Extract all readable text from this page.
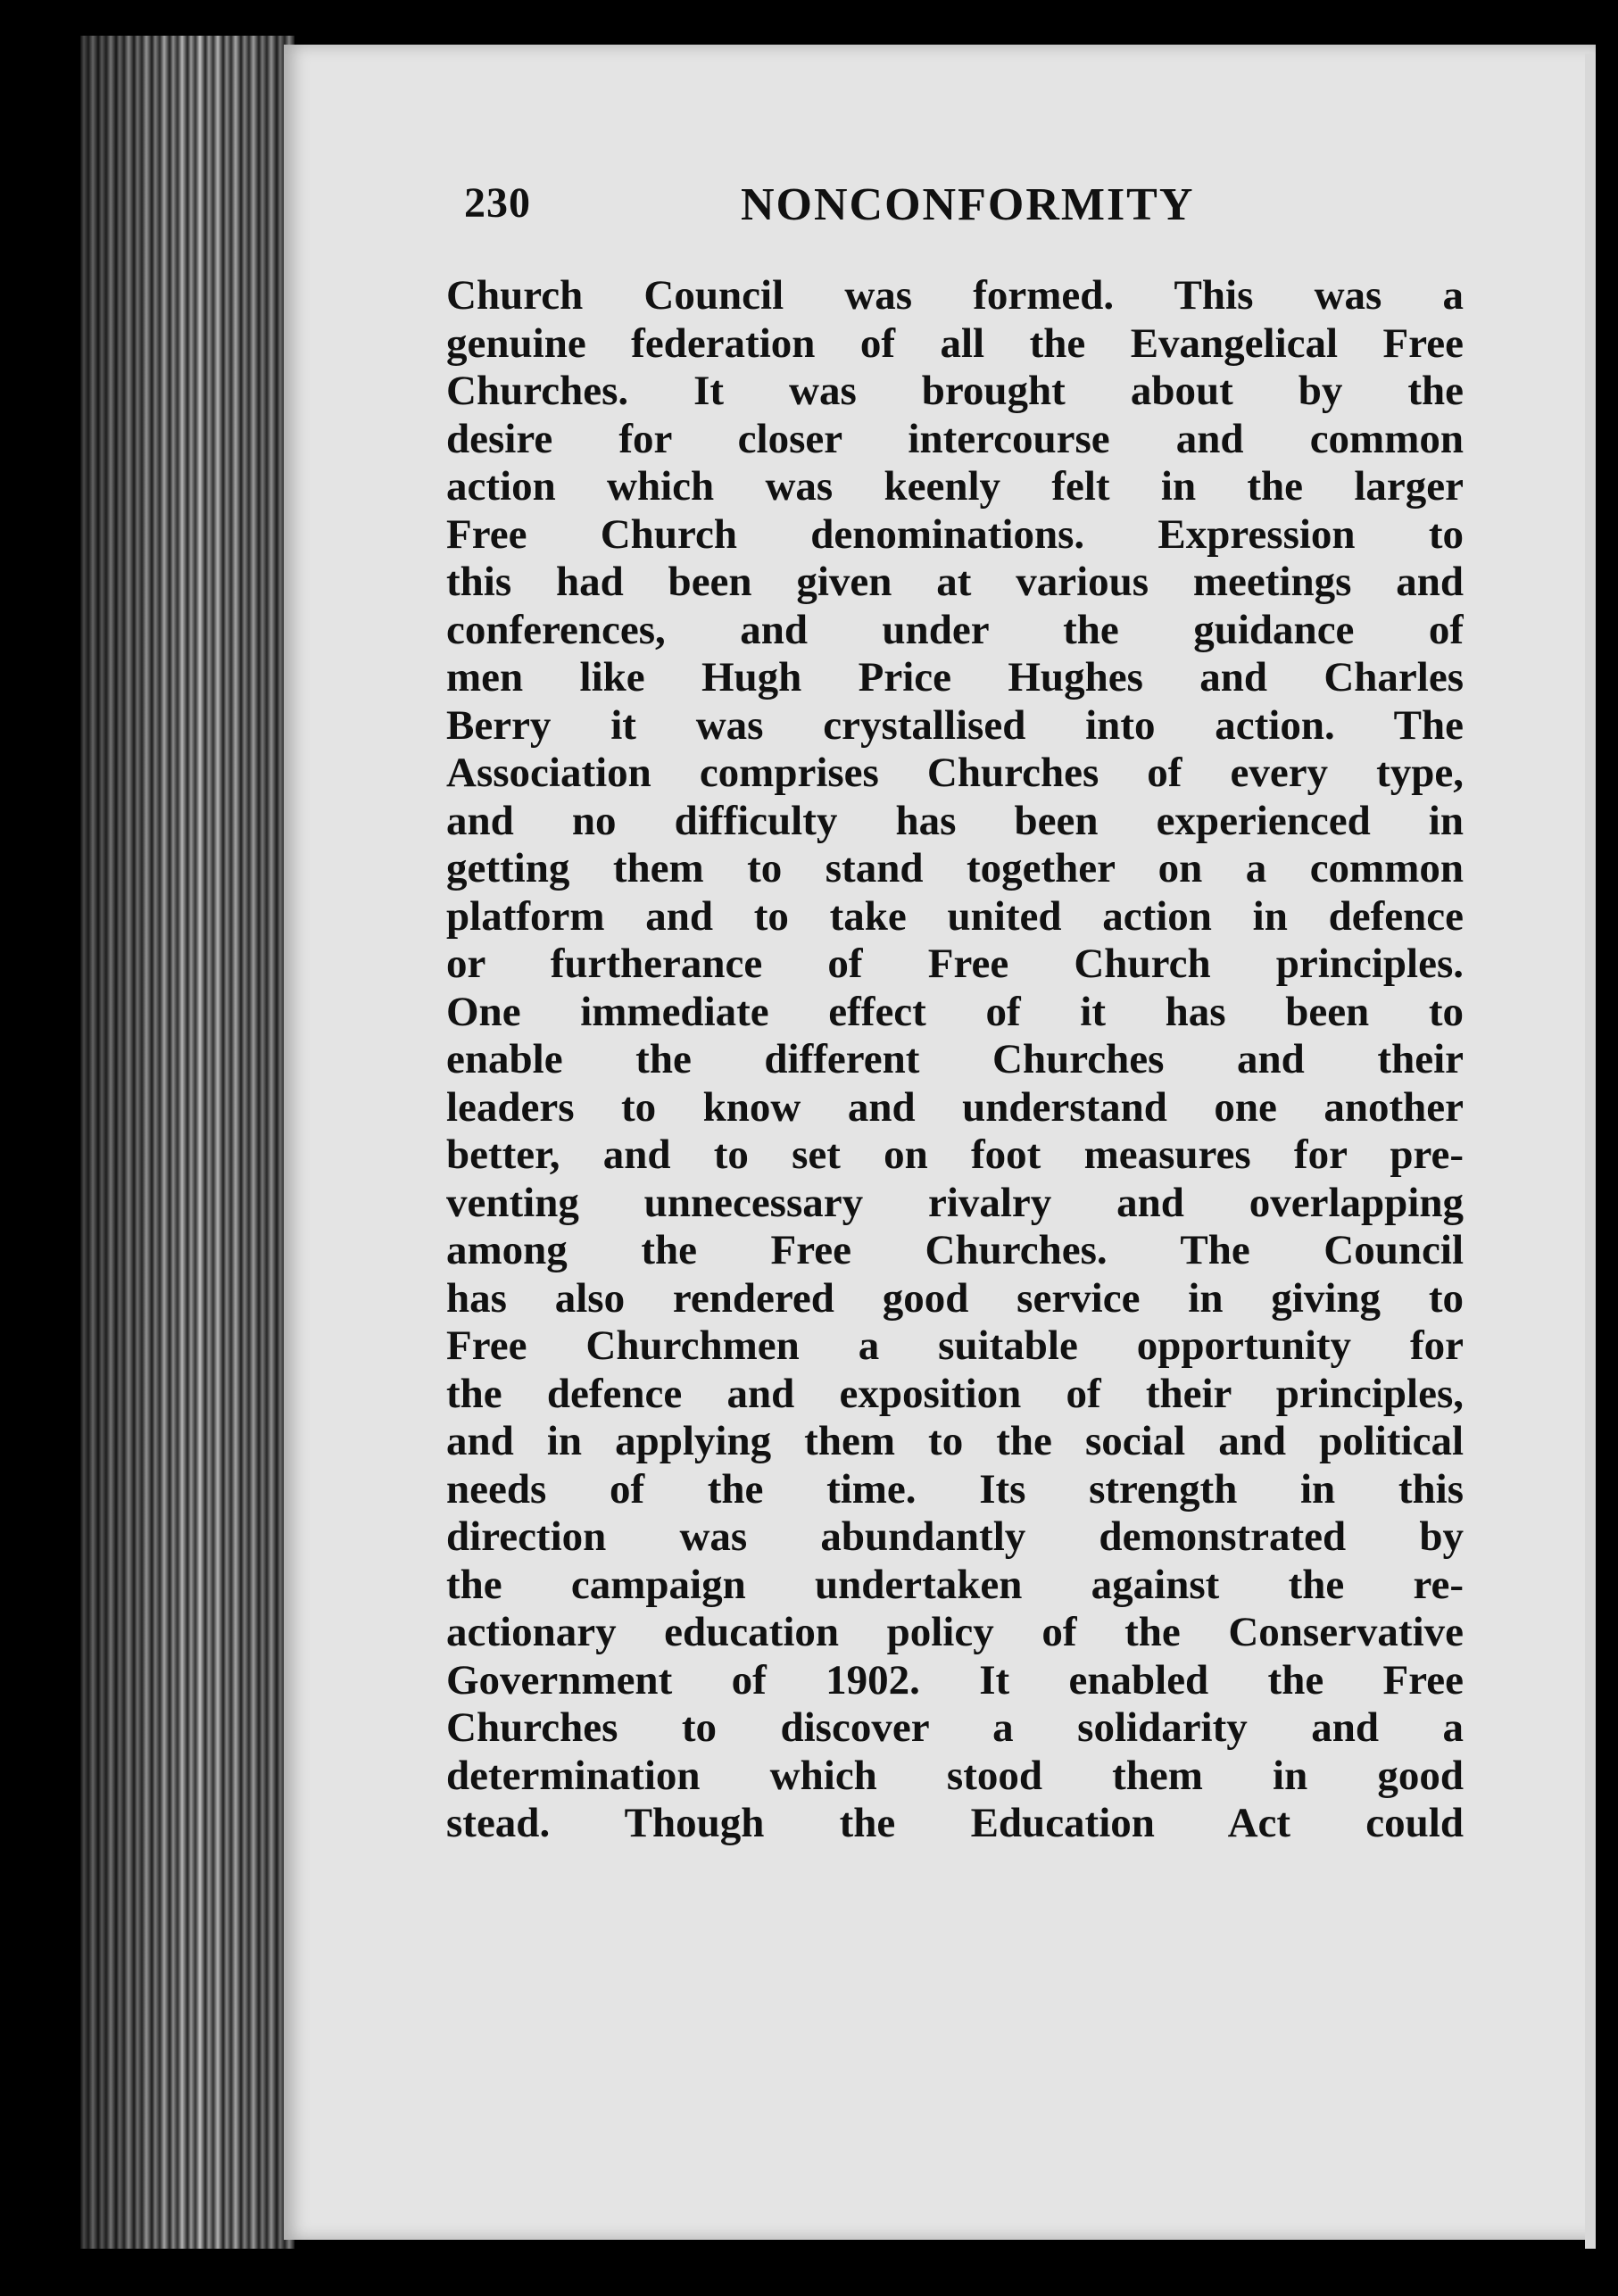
230	NONCONFORMITY
Church Council was formed. This was a
genuine federation of all the Evangelical Free
Churches. It was brought about by the
desire for closer intercourse and common
action which was keenly felt in the larger
Free Church denominations. Expression to
this had been given at various meetings and
conferences, and under the guidance of
men like Hugh Price Hughes and Charles
Berry it was crystallised into action. The
Association comprises Churches of every type,
and no difficulty has been experienced in
getting them to stand together on a common
platform and to take united action in defence
or furtherance of Free Church principles.
One immediate effect of it has been to
enable the different Churches and their
leaders to know and understand one another
better, and to set on foot measures for pre-
venting unnecessary rivalry and overlapping
among the Free Churches. The Council
has also rendered good service in giving to
Free Churchmen a suitable opportunity for
the defence and exposition of their principles,
and in applying them to the social and political
needs of the time. Its strength in this
direction was abundantly demonstrated by
the campaign undertaken against the re-
actionary education policy of the Conservative
Government of 1902. It enabled the Free
Churches to discover a solidarity and a
determination which stood them in good
stead. Though the Education Act could
